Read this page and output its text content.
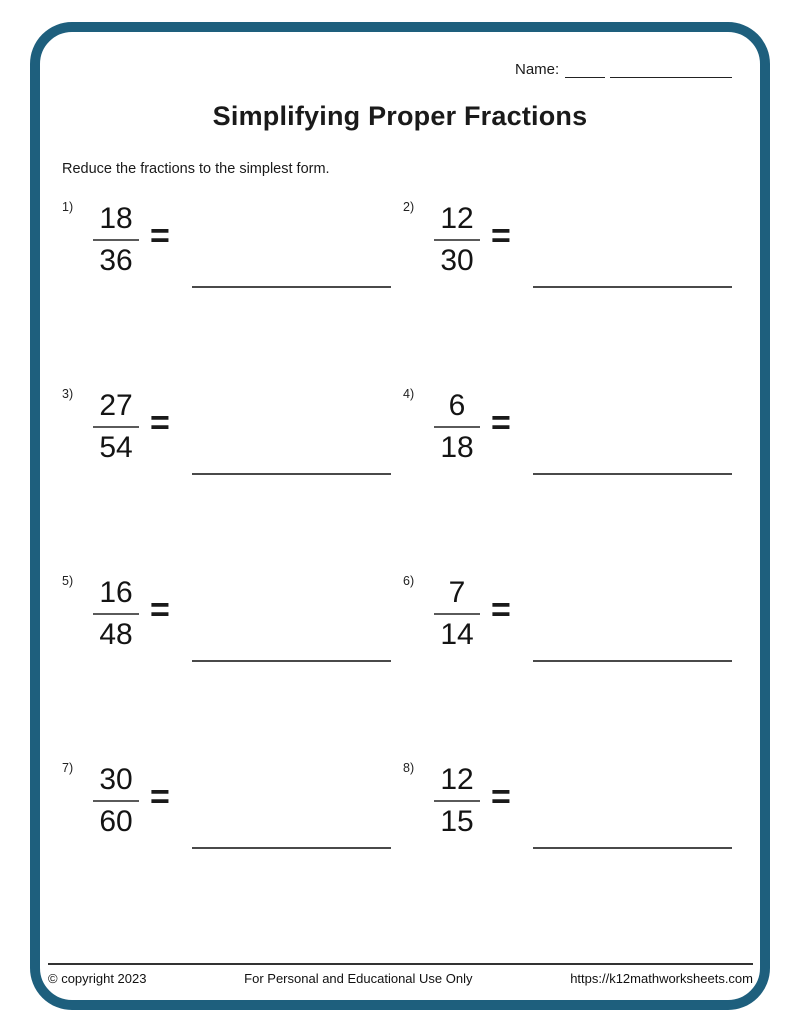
Name:
Simplifying Proper Fractions
Reduce the fractions to the simplest form.
1) 18
36
=
2) 12
30
=
3) 27
54
=
4)	6
18
=
5) 16
48
=
6)	7
14
=
7) 30
60
=
8) 12
15
=
© copyright 2023	For Personal and Educational Use Only	https://k12mathworksheets.com
